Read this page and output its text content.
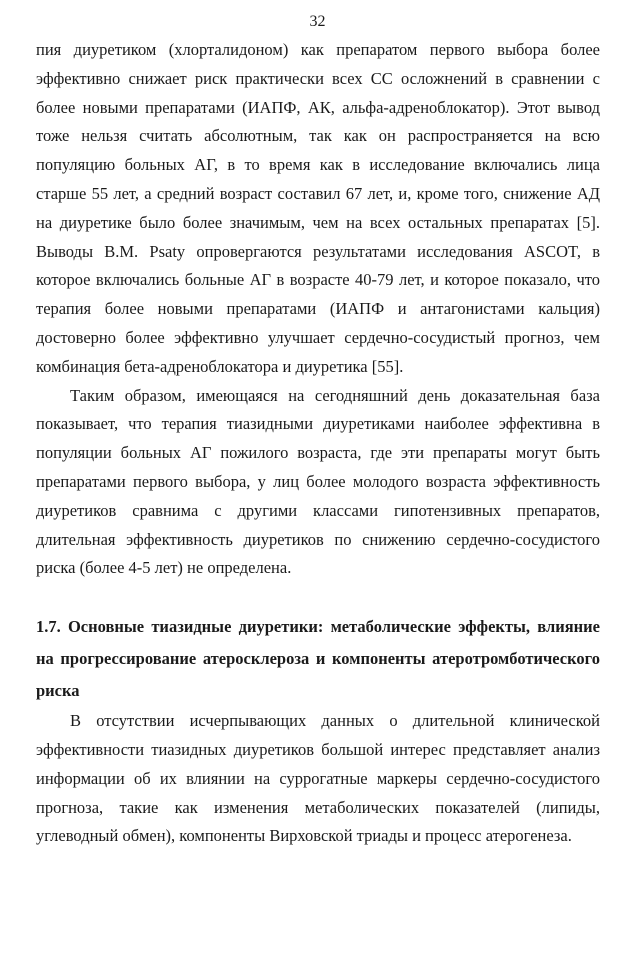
32

пия диуретиком (хлорталидоном) как препаратом первого выбора более эффективно снижает риск практически всех СС осложнений в сравнении с более новыми препаратами (ИАПФ, АК, альфа-адреноблокатор). Этот вывод тоже нельзя считать абсолютным, так как он распространяется на всю популяцию больных АГ, в то время как в исследование включались лица старше 55 лет, а средний возраст составил 67 лет, и, кроме того, снижение АД на диуретике было более значимым, чем на всех остальных препаратах [5]. Выводы B.M. Psaty опровергаются результатами исследования ASCOT, в которое включались больные АГ в возрасте 40-79 лет, и которое показало, что терапия более новыми препаратами (ИАПФ и антагонистами кальция) достоверно более эффективно улучшает сердечно-сосудистый прогноз, чем комбинация бета-адреноблокатора и диуретика [55].

Таким образом, имеющаяся на сегодняшний день доказательная база показывает, что терапия тиазидными диуретиками наиболее эффективна в популяции больных АГ пожилого возраста, где эти препараты могут быть препаратами первого выбора, у лиц более молодого возраста эффективность диуретиков сравнима с другими классами гипотензивных препаратов, длительная эффективность диуретиков по снижению сердечно-сосудистого риска (более 4-5 лет) не определена.

1.7. Основные тиазидные диуретики: метаболические эффекты, влияние на прогрессирование атеросклероза и компоненты атеротромботического риска

В отсутствии исчерпывающих данных о длительной клинической эффективности тиазидных диуретиков большой интерес представляет анализ информации об их влиянии на суррогатные маркеры сердечно-сосудистого прогноза, такие как изменения метаболических показателей (липиды, углеводный обмен), компоненты Вирховской триады и процесс атерогенеза.
